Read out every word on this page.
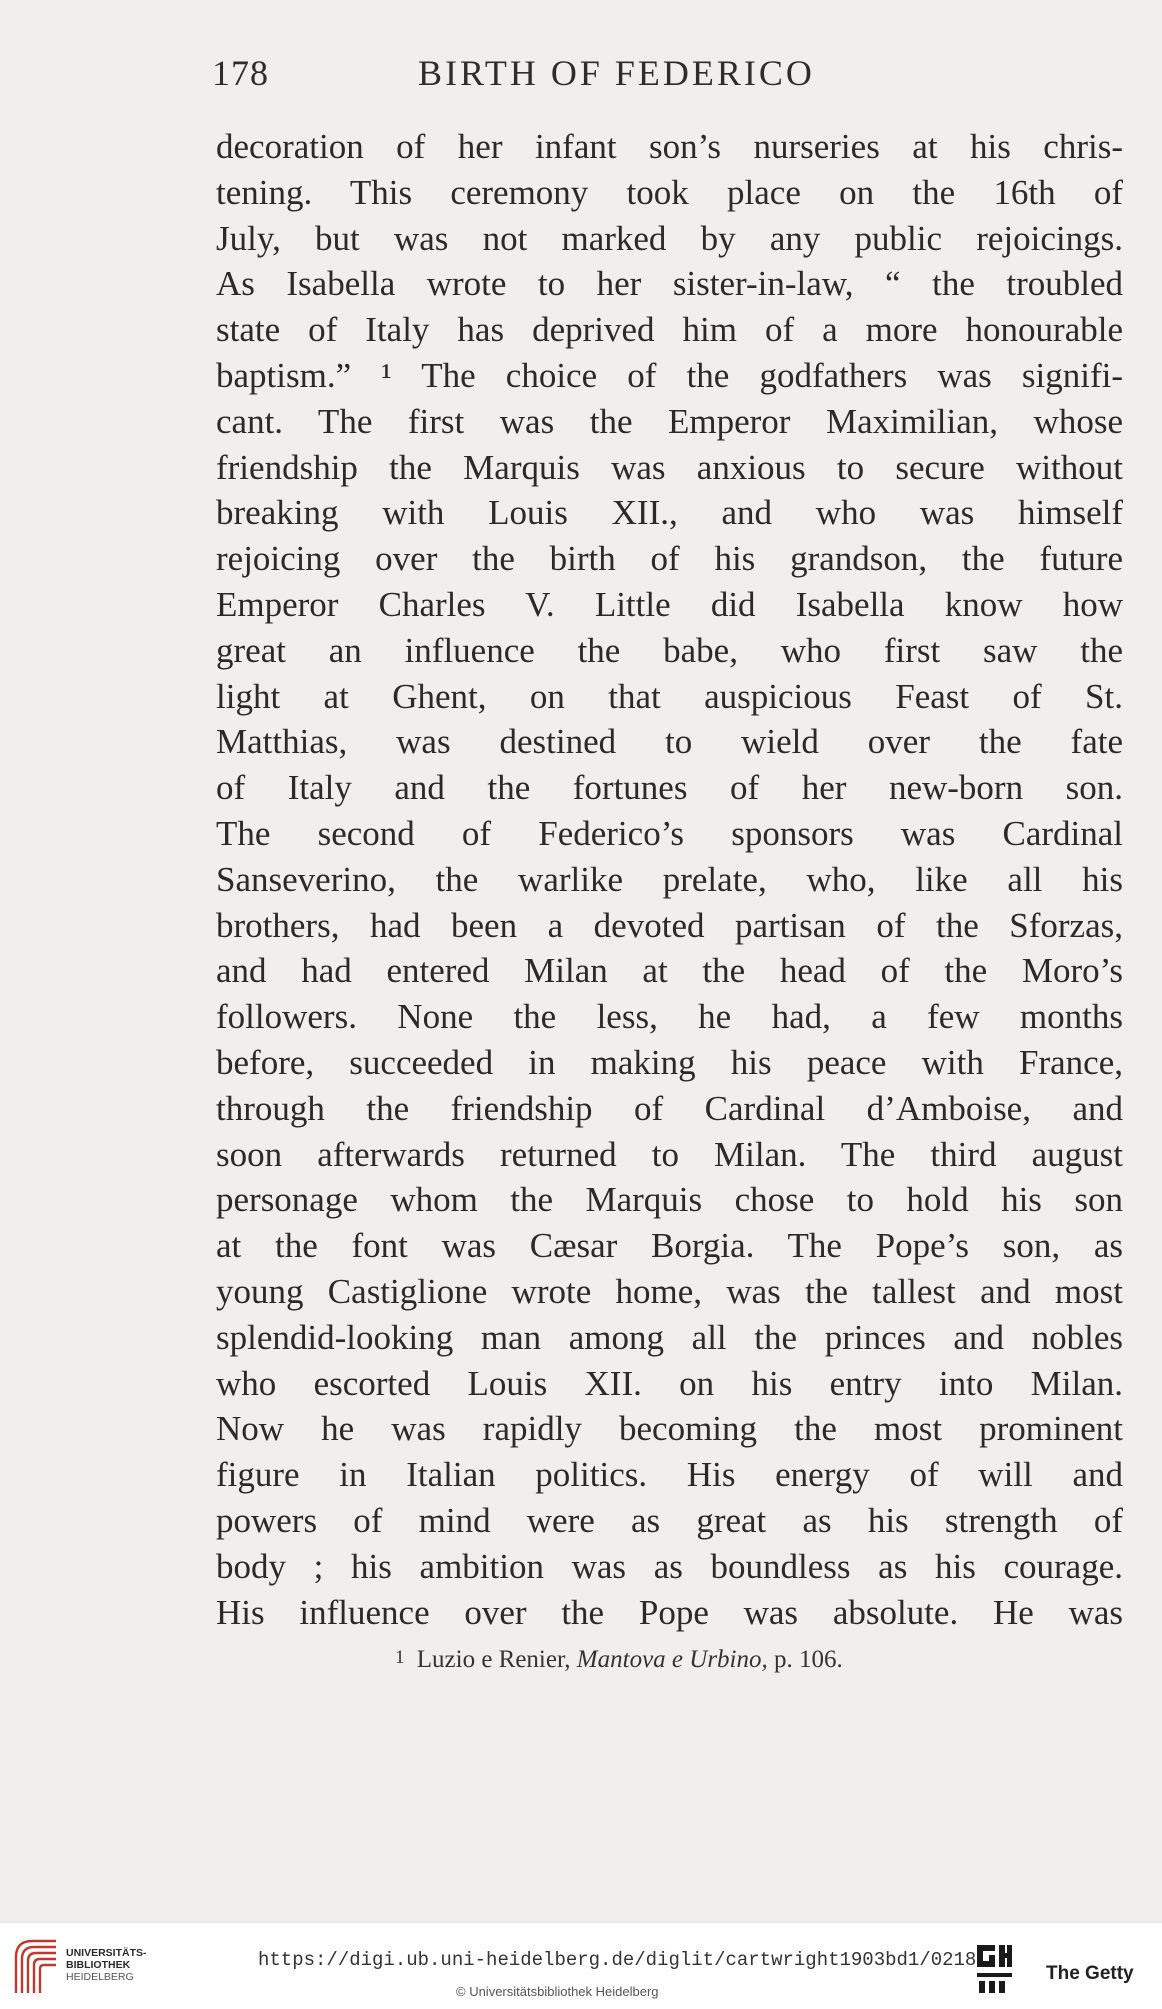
178	BIRTH OF FEDERICO
decoration of her infant son’s nurseries at his chris-
tening. This ceremony took place on the 16th of
July, but was not marked by any public rejoicings.
As Isabella wrote to her sister-in-law, “ the troubled
state of Italy has deprived him of a more honourable
baptism.” ¹ The choice of the godfathers was signifi-
cant. The first was the Emperor Maximilian, whose
friendship the Marquis was anxious to secure without
breaking with Louis XII., and who was himself
rejoicing over the birth of his grandson, the future
Emperor Charles V. Little did Isabella know how
great an influence the babe, who first saw the
light at Ghent, on that auspicious Feast of St.
Matthias, was destined to wield over the fate
of Italy and the fortunes of her new-born son.
The second of Federico’s sponsors was Cardinal
Sanseverino, the warlike prelate, who, like all his
brothers, had been a devoted partisan of the Sforzas,
and had entered Milan at the head of the Moro’s
followers. None the less, he had, a few months
before, succeeded in making his peace with France,
through the friendship of Cardinal d’Amboise, and
soon afterwards returned to Milan. The third august
personage whom the Marquis chose to hold his son
at the font was Cæsar Borgia. The Pope’s son, as
young Castiglione wrote home, was the tallest and most
splendid-looking man among all the princes and nobles
who escorted Louis XII. on his entry into Milan.
Now he was rapidly becoming the most prominent
figure in Italian politics. His energy of will and
powers of mind were as great as his strength of
body ; his ambition was as boundless as his courage.
His influence over the Pope was absolute. He was
1 Luzio e Renier, Mantova e Urbino, p. 106.
UNIVERSITÄTS-
BIBLIOTHEK
HEIDELBERG
https://digi.ub.uni-heidelberg.de/diglit/cartwright1903bd1/0218
© Universitätsbibliothek Heidelberg
The Getty
